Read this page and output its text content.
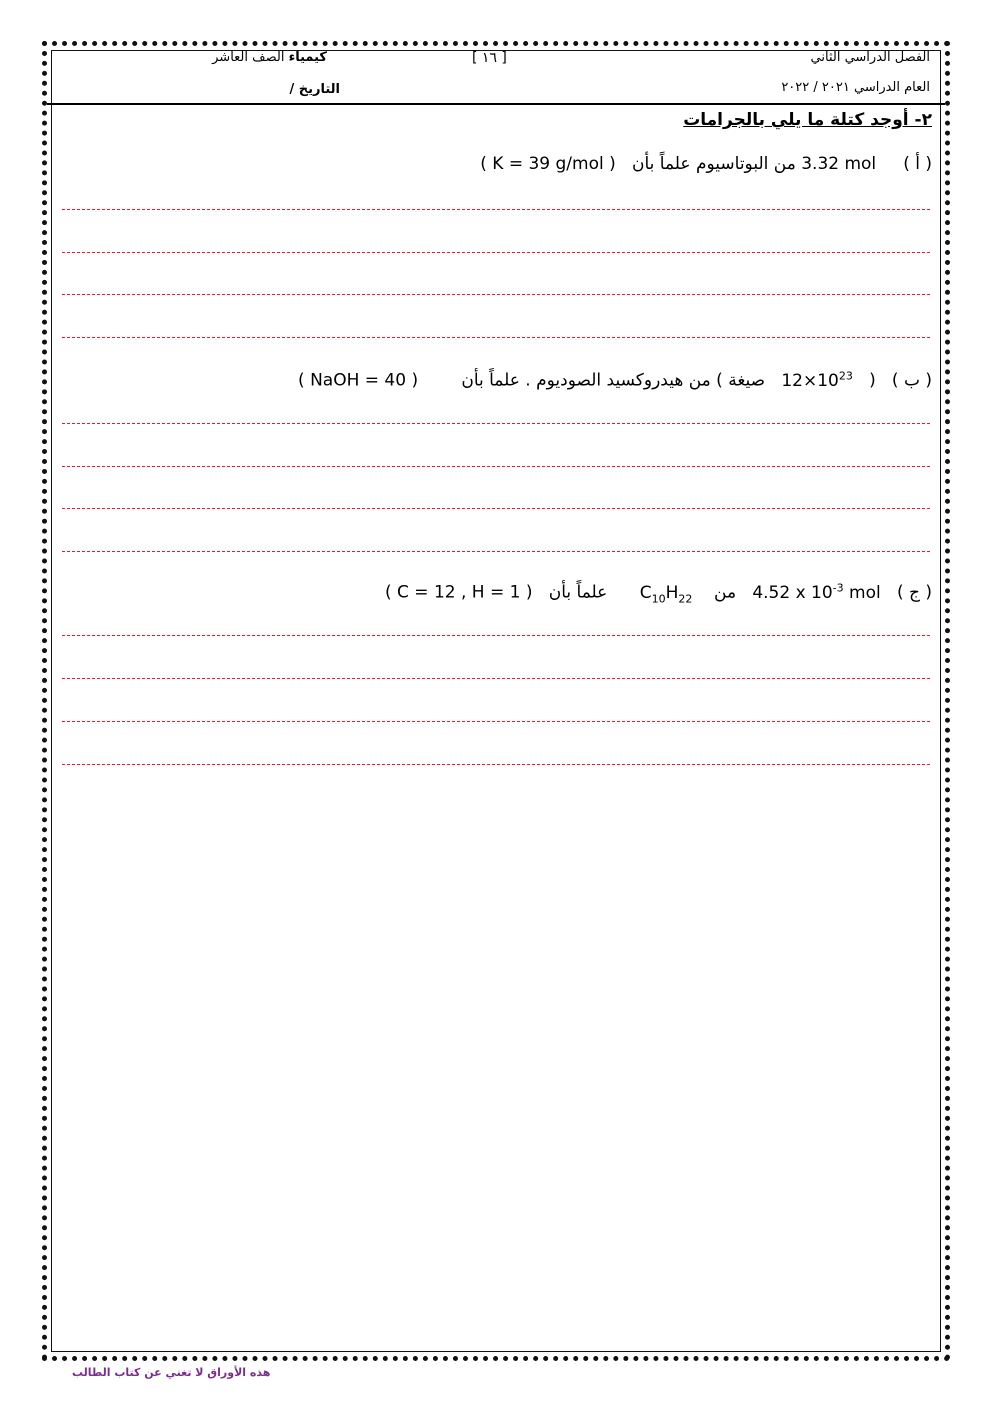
الفصل الدراسي الثاني
العام الدراسي ٢٠٢١ / ٢٠٢٢
[ ١٦ ]
كيمياء الصف العاشر
التاريخ /
٢- أوجد كتلة ما يلي بالجرامات
( أ )     3.32 mol من البوتاسيوم علماً بأن   ( K = 39 g/mol )
( ب )   (   $12\times 10^{23}$   صيغة ) من هيدروكسيد الصوديوم . علماً بأن        ( NaOH = 40 )
( ج )   4.52 x $10^{-3}$ mol   من    $C_{10}H_{22}$      علماً بأن   ( C = 12 , H = 1 )
هذه الأوراق لا تغني عن كتاب الطالب
